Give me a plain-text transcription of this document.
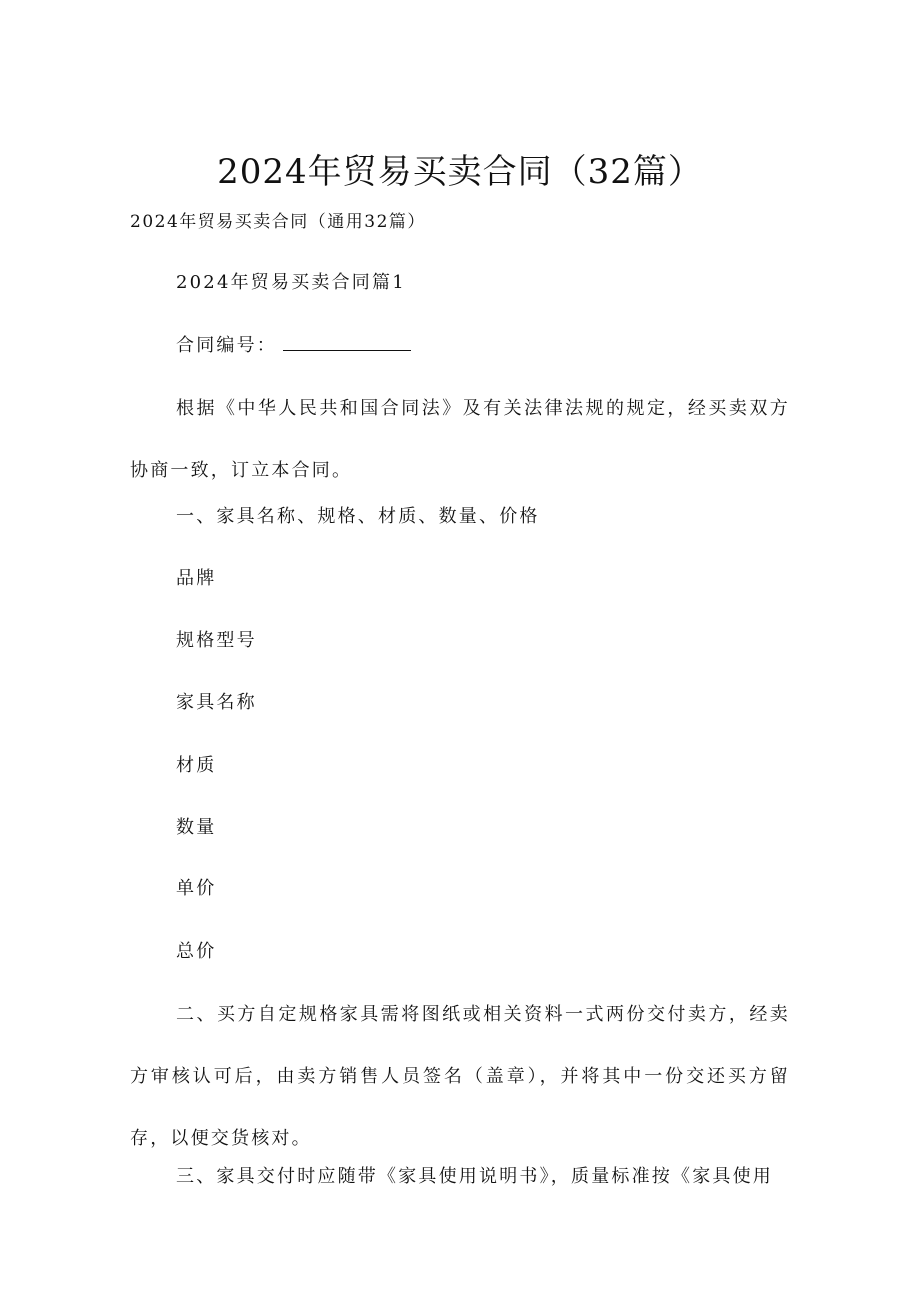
2024年贸易买卖合同（32篇）
2024年贸易买卖合同（通用32篇）
2024年贸易买卖合同篇1
合同编号：
根据《中华人民共和国合同法》及有关法律法规的规定，经买卖双方协商一致，订立本合同。
一、家具名称、规格、材质、数量、价格
品牌
规格型号
家具名称
材质
数量
单价
总价
二、买方自定规格家具需将图纸或相关资料一式两份交付卖方，经卖方审核认可后，由卖方销售人员签名（盖章），并将其中一份交还买方留存，以便交货核对。
三、家具交付时应随带《家具使用说明书》，质量标准按《家具使用
